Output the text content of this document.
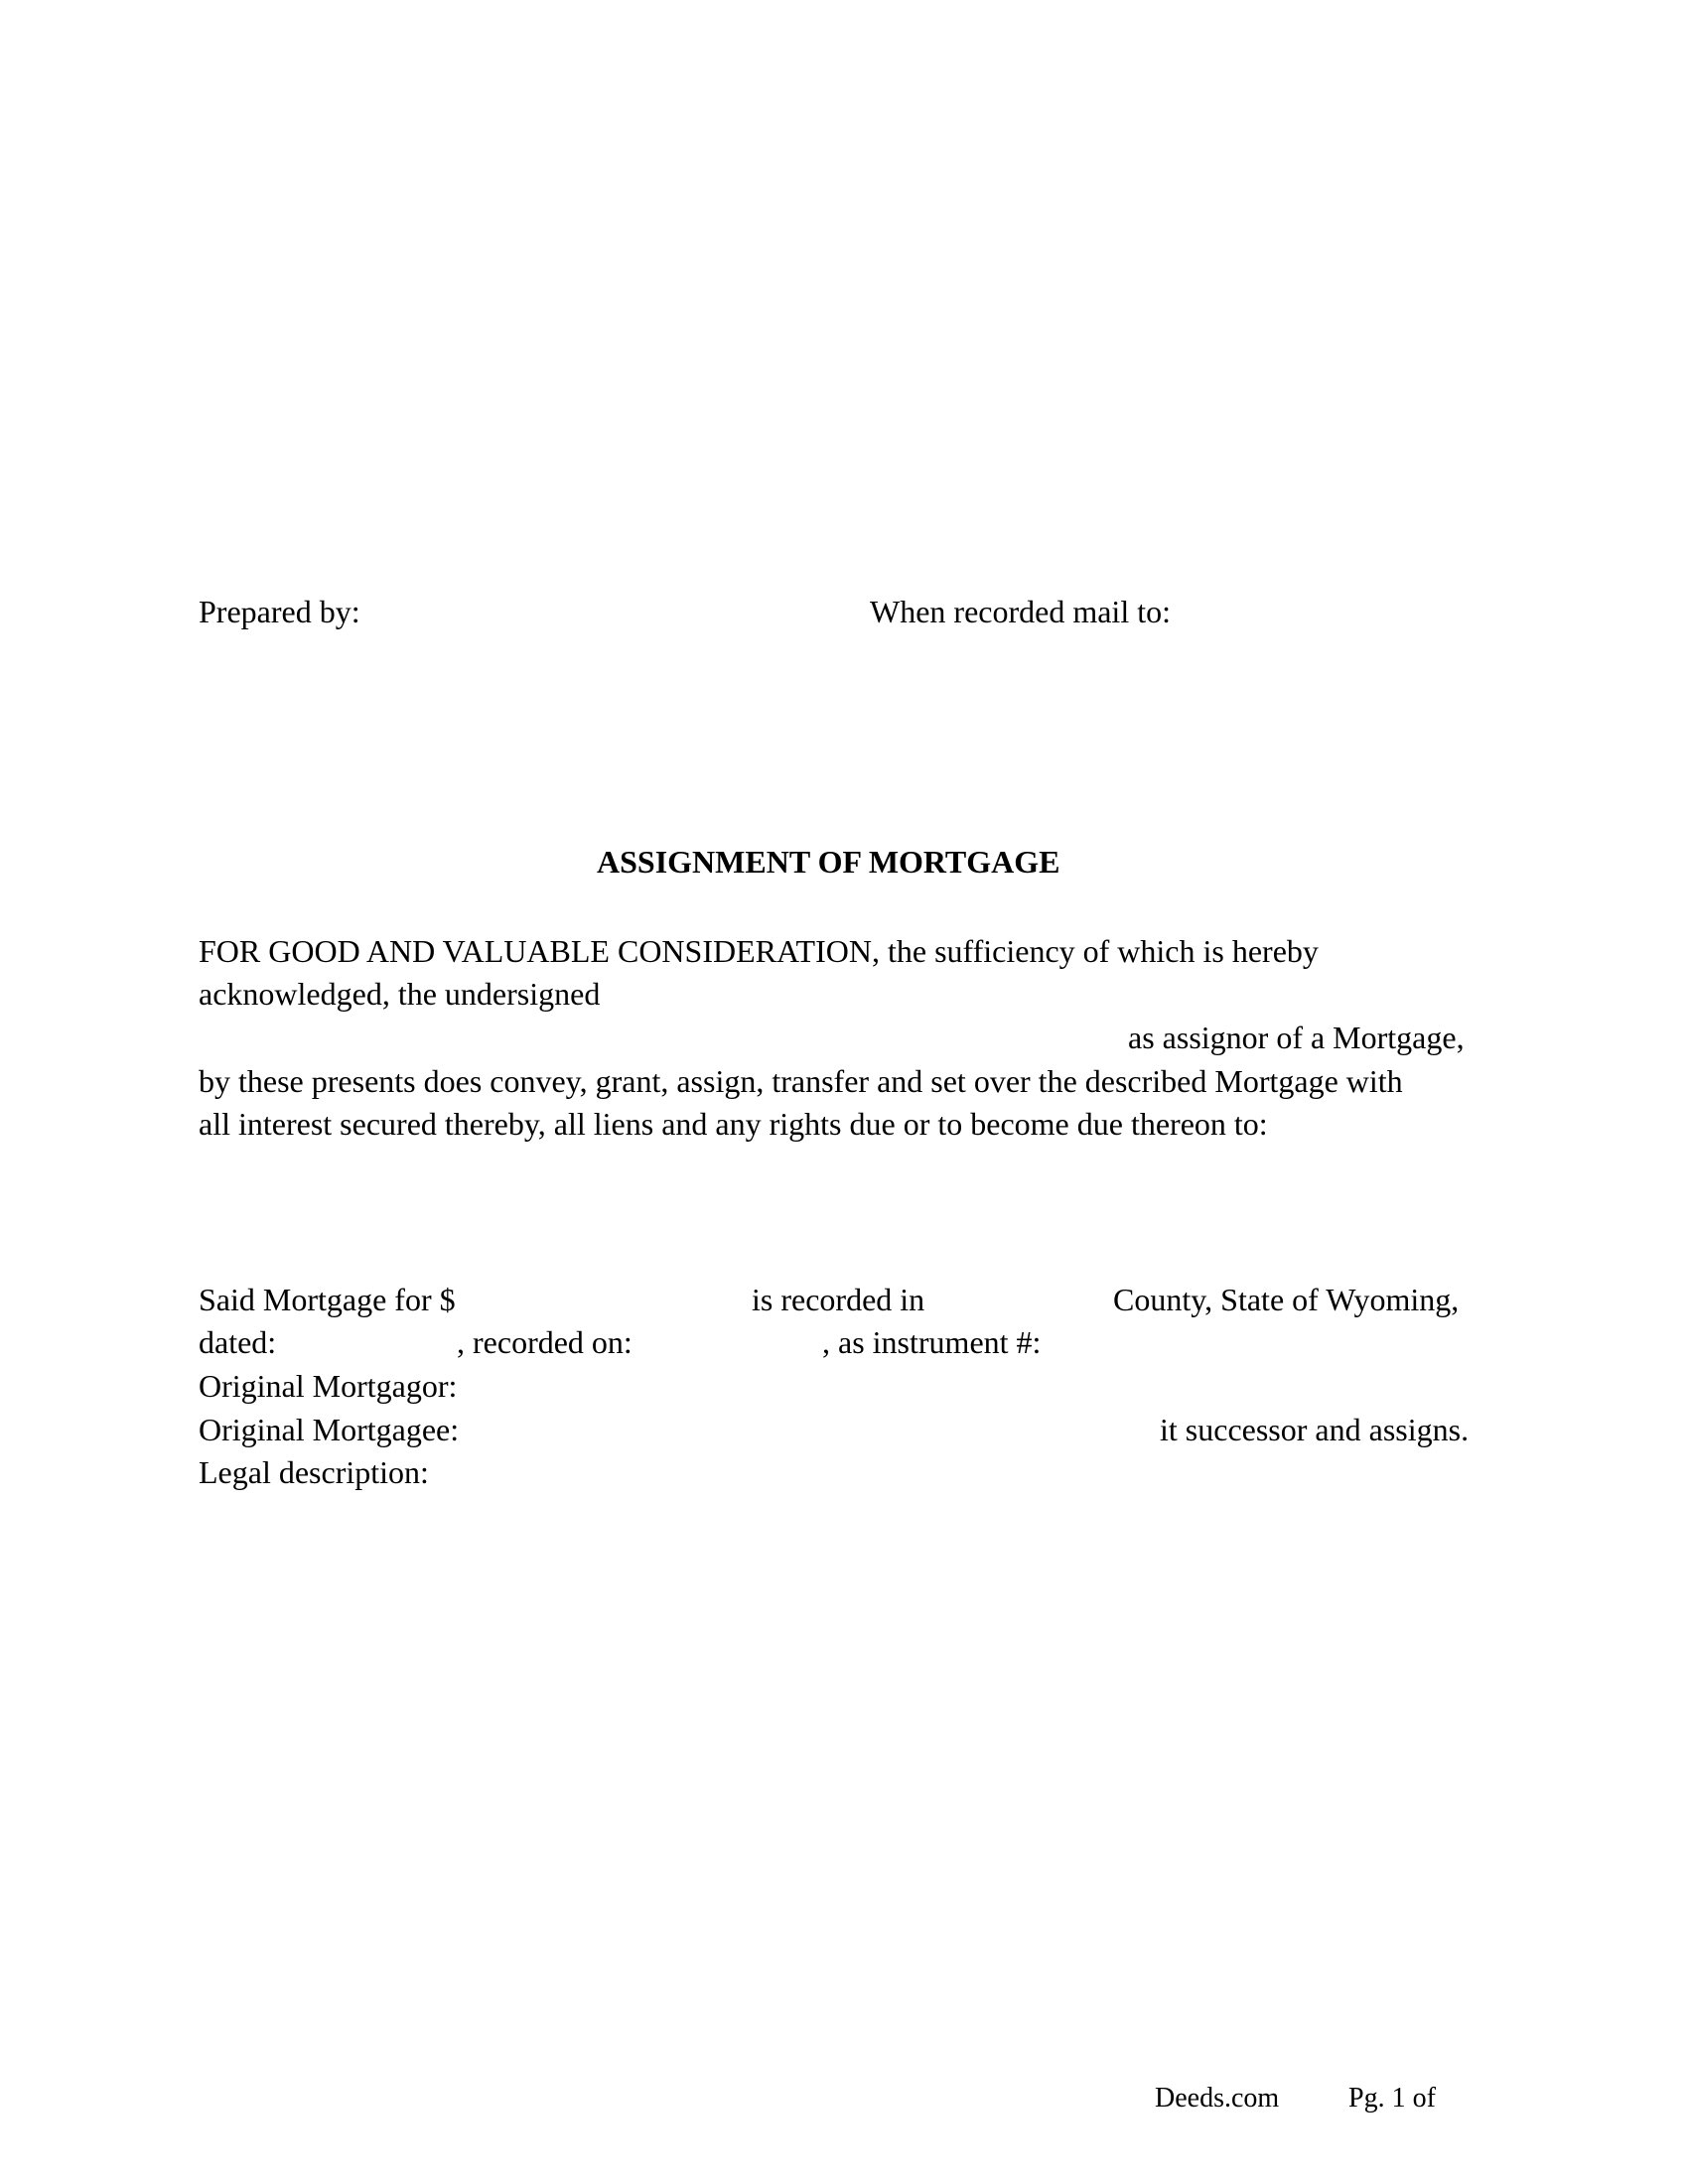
Prepared by:	When recorded mail to:
ASSIGNMENT OF MORTGAGE
FOR GOOD AND VALUABLE CONSIDERATION, the sufficiency of which is hereby
acknowledged, the undersigned
as assignor of a Mortgage,
by these presents does convey, grant, assign, transfer and set over the described Mortgage with
all interest secured thereby, all liens and any rights due or to become due thereon to:
Said Mortgage for $	is recorded in	County, State of Wyoming,
dated:	, recorded on:	, as instrument #:
Original Mortgagor:
Original Mortgagee:	it successor and assigns.
Legal description:
Deeds.com Pg. 1 of
